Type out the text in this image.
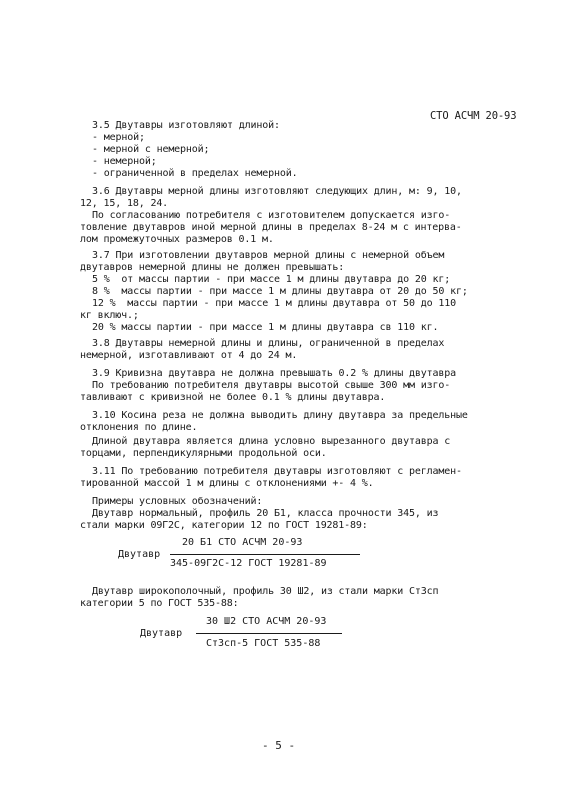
СТО АСЧМ 20-93
3.5 Двутавры изготовляют длиной:
- мерной;
- мерной с немерной;
- немерной;
- ограниченной в пределах немерной.
3.6 Двутавры мерной длины изготовляют следующих длин, м: 9, 10,
12, 15, 18, 24.
По согласованию потребителя с изготовителем допускается изго-
товление двутавров иной мерной длины в пределах 8-24 м с интерва-
лом промежуточных размеров 0.1 м.
3.7 При изготовлении двутавров мерной длины с немерной объем
двутавров немерной длины не должен превышать:
5 %  от массы партии - при массе 1 м длины двутавра до 20 кг;
8 %  массы партии - при массе 1 м длины двутавра от 20 до 50 кг;
12 %  массы партии - при массе 1 м длины двутавра от 50 до 110
кг включ.;
20 % массы партии - при массе 1 м длины двутавра св 110 кг.
3.8 Двутавры немерной длины и длины, ограниченной в пределах
немерной, изготавливают от 4 до 24 м.
3.9 Кривизна двутавра не должна превышать 0.2 % длины двутавра
По требованию потребителя двутавры высотой свыше 300 мм изго-
тавливают с кривизной не более 0.1 % длины двутавра.
3.10 Косина реза не должна выводить длину двутавра за предельные
отклонения по длине.
Длиной двутавра является длина условно вырезанного двутавра с
торцами, перпендикулярными продольной оси.
3.11 По требованию потребителя двутавры изготовляют с регламен-
тированной массой 1 м длины с отклонениями +- 4 %.
Примеры условных обозначений:
Двутавр нормальный, профиль 20 Б1, класса прочности 345, из
стали марки 09Г2С, категории 12 по ГОСТ 19281-89:
20 Б1 СТО АСЧМ 20-93
Двутавр
345-09Г2С-12 ГОСТ 19281-89
Двутавр широкополочный, профиль 30 Ш2, из стали марки Ст3сп
категории 5 по ГОСТ 535-88:
30 Ш2 СТО АСЧМ 20-93
Двутавр
Ст3сп-5 ГОСТ 535-88
- 5 -
